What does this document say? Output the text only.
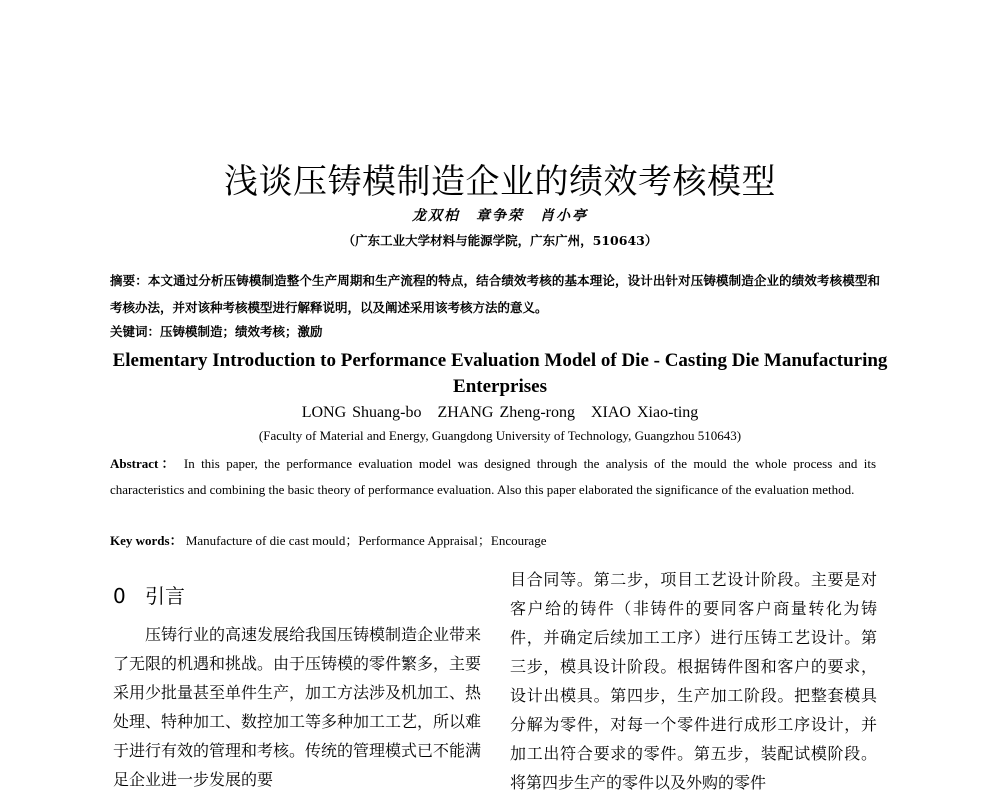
浅谈压铸模制造企业的绩效考核模型
龙双柏　章争荣　肖小亭
（广东工业大学材料与能源学院，广东广州，510643）
摘要：本文通过分析压铸模制造整个生产周期和生产流程的特点，结合绩效考核的基本理论，设计出针对压铸模制造企业的绩效考核模型和考核办法，并对该种考核模型进行解释说明，以及阐述采用该考核方法的意义。
关键词：压铸模制造；绩效考核；激励
Elementary Introduction to Performance Evaluation Model of Die - Casting Die Manufacturing Enterprises
LONG Shuang-bo　ZHANG Zheng-rong　XIAO Xiao-ting
(Faculty of Material and Energy, Guangdong University of Technology, Guangzhou 510643)
Abstract： In this paper, the performance evaluation model was designed through the analysis of the mould the whole process and its characteristics and combining the basic theory of performance evaluation. Also this paper elaborated the significance of the evaluation method.
Key words： Manufacture of die cast mould；Performance Appraisal；Encourage
0 引言
压铸行业的高速发展给我国压铸模制造企业带来了无限的机遇和挑战。由于压铸模的零件繁多，主要采用少批量甚至单件生产，加工方法涉及机加工、热处理、特种加工、数控加工等多种加工工艺，所以难于进行有效的管理和考核。传统的管理模式已不能满足企业进一步发展的要
目合同等。第二步，项目工艺设计阶段。主要是对客户给的铸件（非铸件的要同客户商量转化为铸件，并确定后续加工工序）进行压铸工艺设计。第三步，模具设计阶段。根据铸件图和客户的要求，设计出模具。第四步，生产加工阶段。把整套模具分解为零件，对每一个零件进行成形工序设计，并加工出符合要求的零件。第五步，装配试模阶段。将第四步生产的零件以及外购的零件
